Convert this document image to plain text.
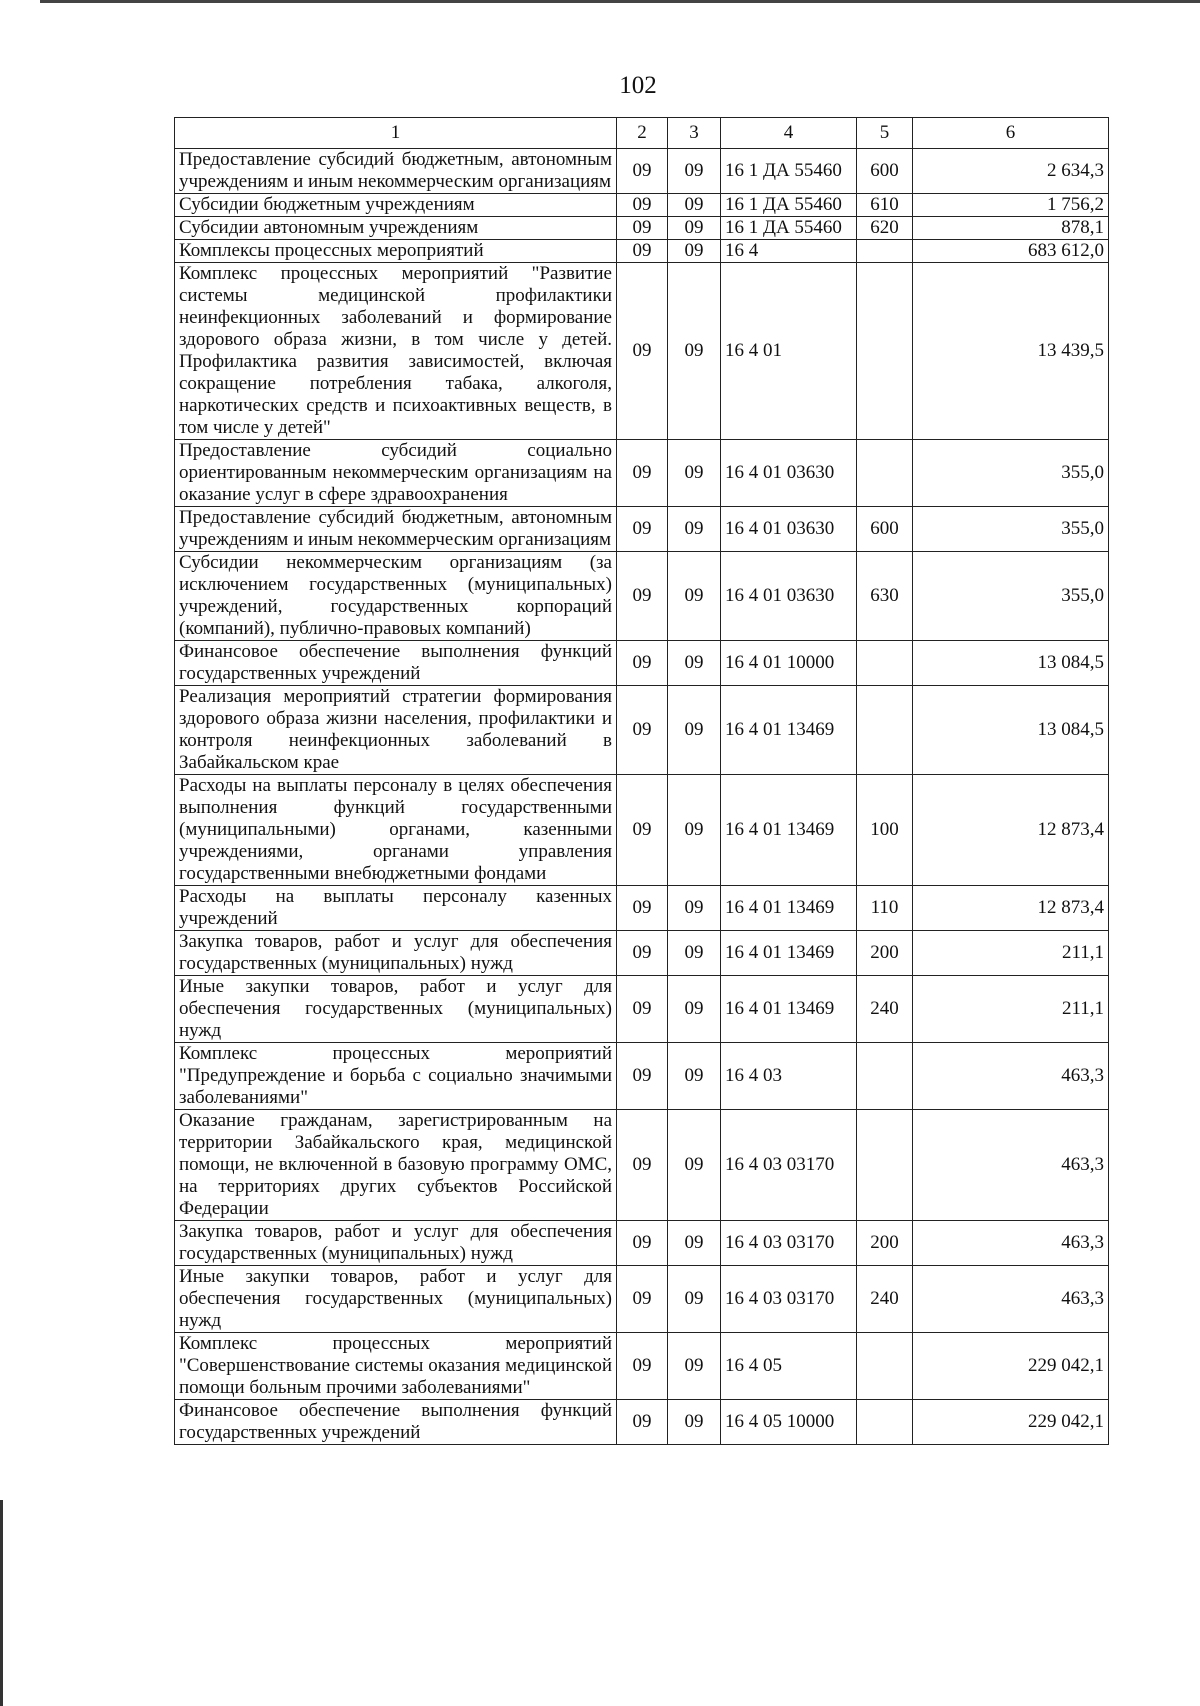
102
1	2	3	4	5	6
Предоставление субсидий бюджетным, автономным учреждениям и иным некоммерческим организациям	09	09	16 1 ДА 55460	600	2 634,3
Субсидии бюджетным учреждениям	09	09	16 1 ДА 55460	610	1 756,2
Субсидии автономным учреждениям	09	09	16 1 ДА 55460	620	878,1
Комплексы процессных мероприятий	09	09	16 4		683 612,0
Комплекс процессных мероприятий "Развитие системы медицинской профилактики неинфекционных заболеваний и формирование здорового образа жизни, в том числе у детей. Профилактика развития зависимостей, включая сокращение потребления табака, алкоголя, наркотических средств и психоактивных веществ, в том числе у детей"	09	09	16 4 01		13 439,5
Предоставление субсидий социально ориентированным некоммерческим организациям на оказание услуг в сфере здравоохранения	09	09	16 4 01 03630		355,0
Предоставление субсидий бюджетным, автономным учреждениям и иным некоммерческим организациям	09	09	16 4 01 03630	600	355,0
Субсидии некоммерческим организациям (за исключением государственных (муниципальных) учреждений, государственных корпораций (компаний), публично-правовых компаний)	09	09	16 4 01 03630	630	355,0
Финансовое обеспечение выполнения функций государственных учреждений	09	09	16 4 01 10000		13 084,5
Реализация мероприятий стратегии формирования здорового образа жизни населения, профилактики и контроля неинфекционных заболеваний в Забайкальском крае	09	09	16 4 01 13469		13 084,5
Расходы на выплаты персоналу в целях обеспечения выполнения функций государственными (муниципальными) органами, казенными учреждениями, органами управления государственными внебюджетными фондами	09	09	16 4 01 13469	100	12 873,4
Расходы на выплаты персоналу казенных учреждений	09	09	16 4 01 13469	110	12 873,4
Закупка товаров, работ и услуг для обеспечения государственных (муниципальных) нужд	09	09	16 4 01 13469	200	211,1
Иные закупки товаров, работ и услуг для обеспечения государственных (муниципальных) нужд	09	09	16 4 01 13469	240	211,1
Комплекс процессных мероприятий "Предупреждение и борьба с социально значимыми заболеваниями"	09	09	16 4 03		463,3
Оказание гражданам, зарегистрированным на территории Забайкальского края, медицинской помощи, не включенной в базовую программу ОМС, на территориях других субъектов Российской Федерации	09	09	16 4 03 03170		463,3
Закупка товаров, работ и услуг для обеспечения государственных (муниципальных) нужд	09	09	16 4 03 03170	200	463,3
Иные закупки товаров, работ и услуг для обеспечения государственных (муниципальных) нужд	09	09	16 4 03 03170	240	463,3
Комплекс процессных мероприятий "Совершенствование системы оказания медицинской помощи больным прочими заболеваниями"	09	09	16 4 05		229 042,1
Финансовое обеспечение выполнения функций государственных учреждений	09	09	16 4 05 10000		229 042,1
